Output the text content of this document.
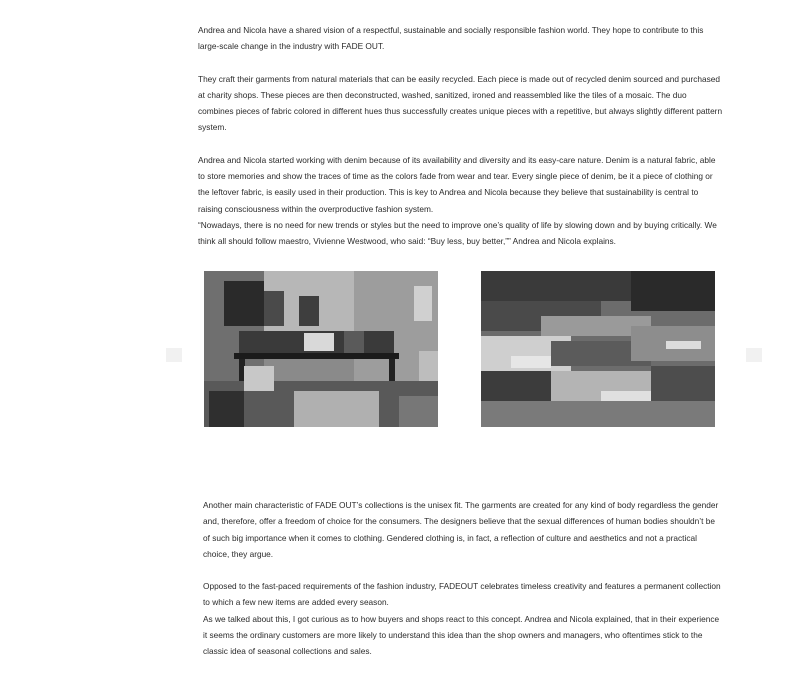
Andrea and Nicola have a shared vision of a respectful, sustainable and socially responsible fashion world. They hope to contribute to this large-scale change in the industry with FADE OUT.

They craft their garments from natural materials that can be easily recycled. Each piece is made out of recycled denim sourced and purchased at charity shops. These pieces are then deconstructed, washed, sanitized, ironed and reassembled like the tiles of a mosaic. The duo combines pieces of fabric colored in different hues thus successfully creates unique pieces with a repetitive, but always slightly different pattern system.

Andrea and Nicola started working with denim because of its availability and diversity and its easy-care nature. Denim is a natural fabric, able to store memories and show the traces of time as the colors fade from wear and tear. Every single piece of denim, be it a piece of clothing or the leftover fabric, is easily used in their production. This is key to Andrea and Nicola because they believe that sustainability is central to raising consciousness within the overproductive fashion system.

“Nowadays, there is no need for new trends or styles but the need to improve one’s quality of life by slowing down and by buying critically. We think all should follow maestro, Vivienne Westwood, who said: “Buy less, buy better,”” Andrea and Nicola explains.

Another main characteristic of FADE OUT’s collections is the unisex fit. The garments are created for any kind of body regardless the gender and, therefore, offer a freedom of choice for the consumers. The designers believe that the sexual differences of human bodies shouldn’t be of such big importance when it comes to clothing. Gendered clothing is, in fact, a reflection of culture and aesthetics and not a practical choice, they argue.

Opposed to the fast-paced requirements of the fashion industry, FADEOUT celebrates timeless creativity and features a permanent collection to which a few new items are added every season.

As we talked about this, I got curious as to how buyers and shops react to this concept. Andrea and Nicola explained, that in their experience it seems the ordinary customers are more likely to understand this idea than the shop owners and managers, who oftentimes stick to the classic idea of seasonal collections and sales.
